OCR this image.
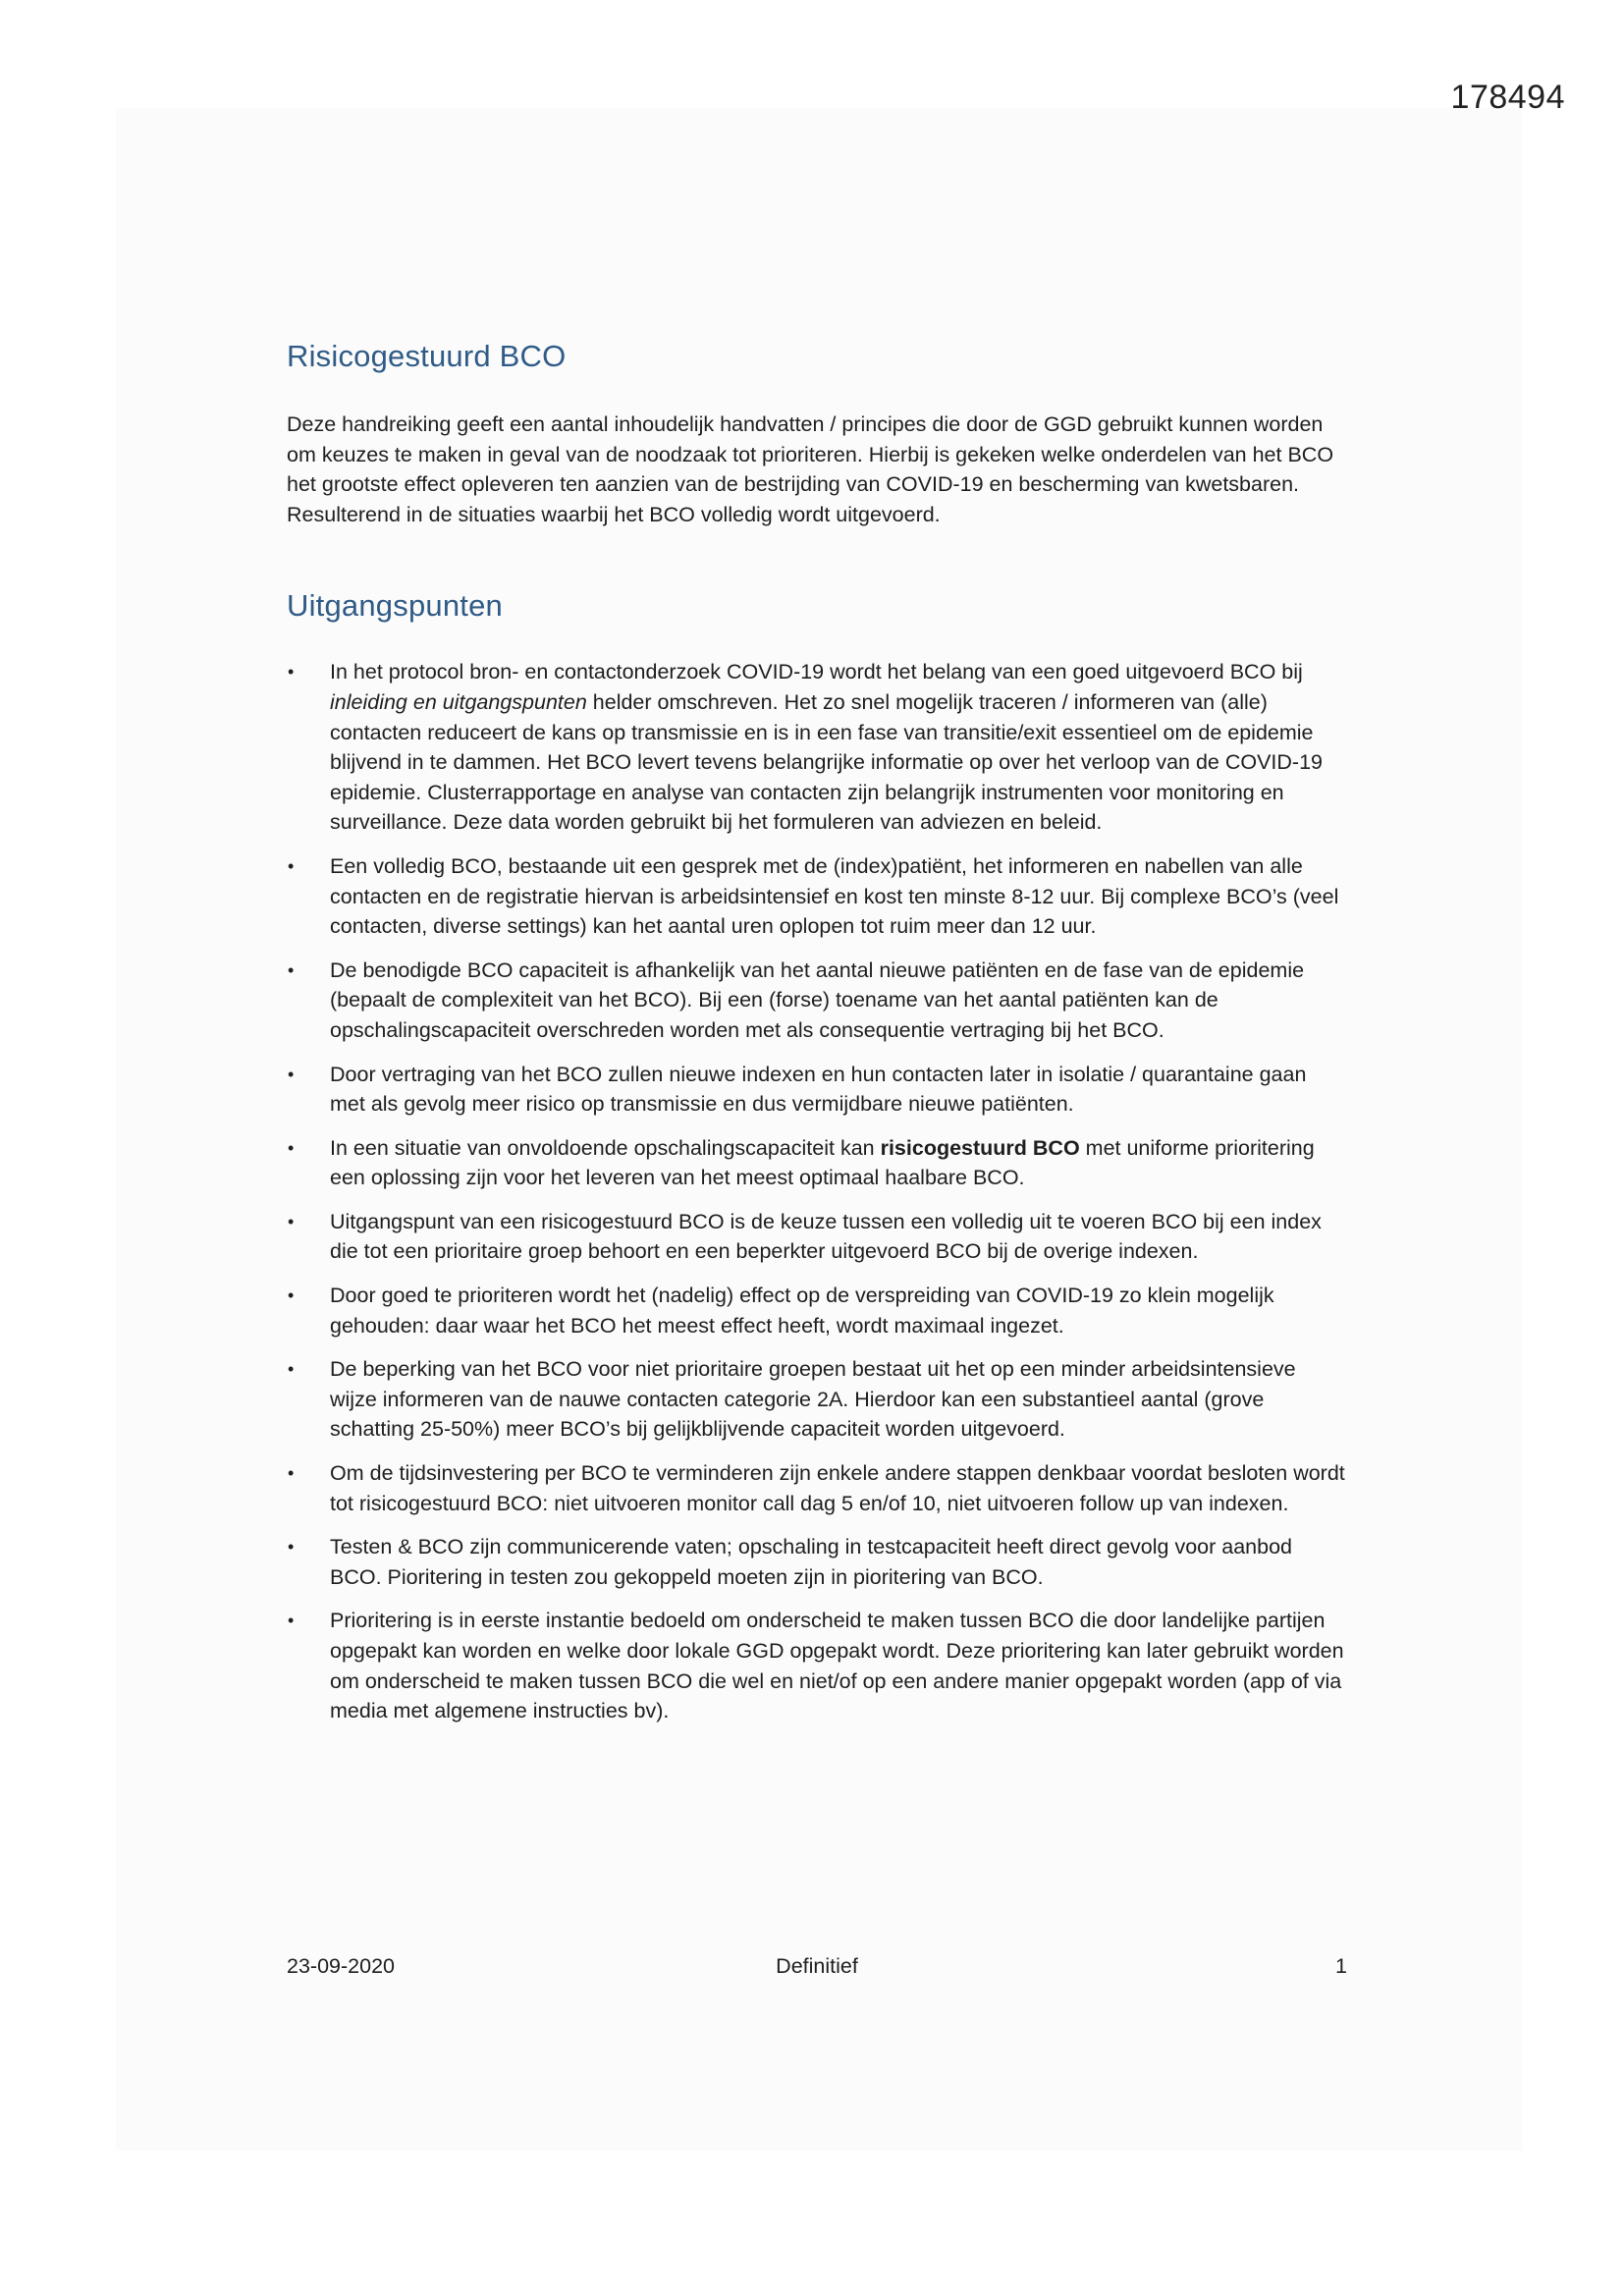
178494
Risicogestuurd BCO

Deze handreiking geeft een aantal inhoudelijk handvatten / principes die door de GGD gebruikt kunnen worden om keuzes te maken in geval van de noodzaak tot prioriteren. Hierbij is gekeken welke onderdelen van het BCO het grootste effect opleveren ten aanzien van de bestrijding van COVID-19 en bescherming van kwetsbaren. Resulterend in de situaties waarbij het BCO volledig wordt uitgevoerd.

Uitgangspunten
• In het protocol bron- en contactonderzoek COVID-19 wordt het belang van een goed uitgevoerd BCO bij inleiding en uitgangspunten helder omschreven. Het zo snel mogelijk traceren / informeren van (alle) contacten reduceert de kans op transmissie en is in een fase van transitie/exit essentieel om de epidemie blijvend in te dammen. Het BCO levert tevens belangrijke informatie op over het verloop van de COVID-19 epidemie. Clusterrapportage en analyse van contacten zijn belangrijk instrumenten voor monitoring en surveillance. Deze data worden gebruikt bij het formuleren van adviezen en beleid.
• Een volledig BCO, bestaande uit een gesprek met de (index)patiënt, het informeren en nabellen van alle contacten en de registratie hiervan is arbeidsintensief en kost ten minste 8-12 uur. Bij complexe BCO’s (veel contacten, diverse settings) kan het aantal uren oplopen tot ruim meer dan 12 uur.
• De benodigde BCO capaciteit is afhankelijk van het aantal nieuwe patiënten en de fase van de epidemie (bepaalt de complexiteit van het BCO). Bij een (forse) toename van het aantal patiënten kan de opschalingscapaciteit overschreden worden met als consequentie vertraging bij het BCO.
• Door vertraging van het BCO zullen nieuwe indexen en hun contacten later in isolatie / quarantaine gaan met als gevolg meer risico op transmissie en dus vermijdbare nieuwe patiënten.
• In een situatie van onvoldoende opschalingscapaciteit kan risicogestuurd BCO met uniforme prioritering een oplossing zijn voor het leveren van het meest optimaal haalbare BCO.
• Uitgangspunt van een risicogestuurd BCO is de keuze tussen een volledig uit te voeren BCO bij een index die tot een prioritaire groep behoort en een beperkter uitgevoerd BCO bij de overige indexen.
• Door goed te prioriteren wordt het (nadelig) effect op de verspreiding van COVID-19 zo klein mogelijk gehouden: daar waar het BCO het meest effect heeft, wordt maximaal ingezet.
• De beperking van het BCO voor niet prioritaire groepen bestaat uit het op een minder arbeidsintensieve wijze informeren van de nauwe contacten categorie 2A. Hierdoor kan een substantieel aantal (grove schatting 25-50%) meer BCO’s bij gelijkblijvende capaciteit worden uitgevoerd.
• Om de tijdsinvestering per BCO te verminderen zijn enkele andere stappen denkbaar voordat besloten wordt tot risicogestuurd BCO: niet uitvoeren monitor call dag 5 en/of 10, niet uitvoeren follow up van indexen.
• Testen & BCO zijn communicerende vaten; opschaling in testcapaciteit heeft direct gevolg voor aanbod BCO. Pioritering in testen zou gekoppeld moeten zijn in pioritering van BCO.
• Prioritering is in eerste instantie bedoeld om onderscheid te maken tussen BCO die door landelijke partijen opgepakt kan worden en welke door lokale GGD opgepakt wordt. Deze prioritering kan later gebruikt worden om onderscheid te maken tussen BCO die wel en niet/of op een andere manier opgepakt worden (app of via media met algemene instructies bv).
23-09-2020	Definitief	1
